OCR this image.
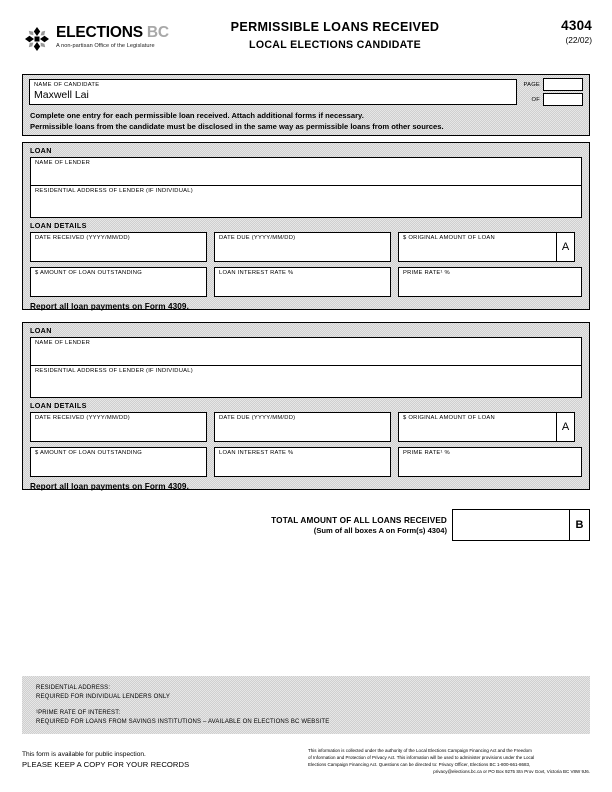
ELECTIONS BC
A non-partisan Office of the Legislature
PERMISSIBLE LOANS RECEIVED
LOCAL ELECTIONS CANDIDATE
4304
(22/02)
NAME OF CANDIDATE
Maxwell Lai
PAGE
OF
Complete one entry for each permissible loan received. Attach additional forms if necessary.
Permissible loans from the candidate must be disclosed in the same way as permissible loans from other sources.
LOAN
NAME OF LENDER
RESIDENTIAL ADDRESS OF LENDER (IF INDIVIDUAL)
LOAN DETAILS
DATE RECEIVED (YYYY/MM/DD)	DATE DUE (YYYY/MM/DD)	$ ORIGINAL AMOUNT OF LOAN
A
$ AMOUNT OF LOAN OUTSTANDING	LOAN INTEREST RATE %	PRIME RATE¹ %
Report all loan payments on Form 4309.
LOAN
NAME OF LENDER
RESIDENTIAL ADDRESS OF LENDER (IF INDIVIDUAL)
LOAN DETAILS
DATE RECEIVED (YYYY/MM/DD)	DATE DUE (YYYY/MM/DD)	$ ORIGINAL AMOUNT OF LOAN
A
$ AMOUNT OF LOAN OUTSTANDING	LOAN INTEREST RATE %	PRIME RATE¹ %
Report all loan payments on Form 4309.
TOTAL AMOUNT OF ALL LOANS RECEIVED
(Sum of all boxes A on Form(s) 4304)	B
RESIDENTIAL ADDRESS:
REQUIRED FOR INDIVIDUAL LENDERS ONLY
¹PRIME RATE OF INTEREST:
REQUIRED FOR LOANS FROM SAVINGS INSTITUTIONS – AVAILABLE ON ELECTIONS BC WEBSITE
This form is available for public inspection.
PLEASE KEEP A COPY FOR YOUR RECORDS
This information is collected under the authority of the Local Elections Campaign Financing Act and the Freedom
of Information and Protection of Privacy Act. This information will be used to administer provisions under the Local
Elections Campaign Financing Act. Questions can be directed to: Privacy Officer, Elections BC 1-800-661-8683,
privacy@elections.bc.ca or PO Box 9275 Stn Prov Govt, Victoria BC V8W 9J6.
